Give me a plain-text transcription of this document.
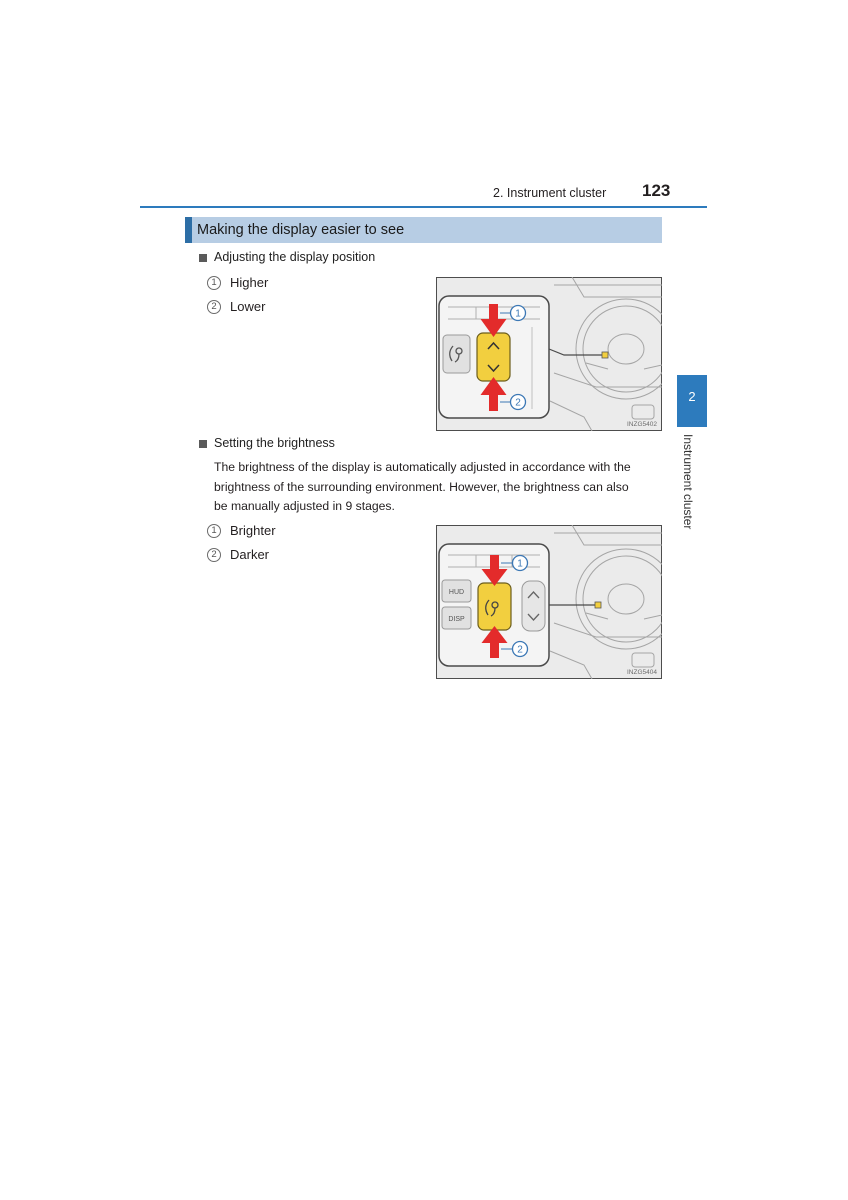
2. Instrument cluster 123
2
Instrument cluster
Making the display easier to see
Adjusting the display position
1	Higher
2	Lower	1
2
INZG5402
Setting the brightness
The brightness of the display is automatically adjusted in accordance with the
brightness of the surrounding environment. However, the brightness can also
be manually adjusted in 9 stages.
1	Brighter
2	Darker
HUD
DISP
1
2
INZG5404
